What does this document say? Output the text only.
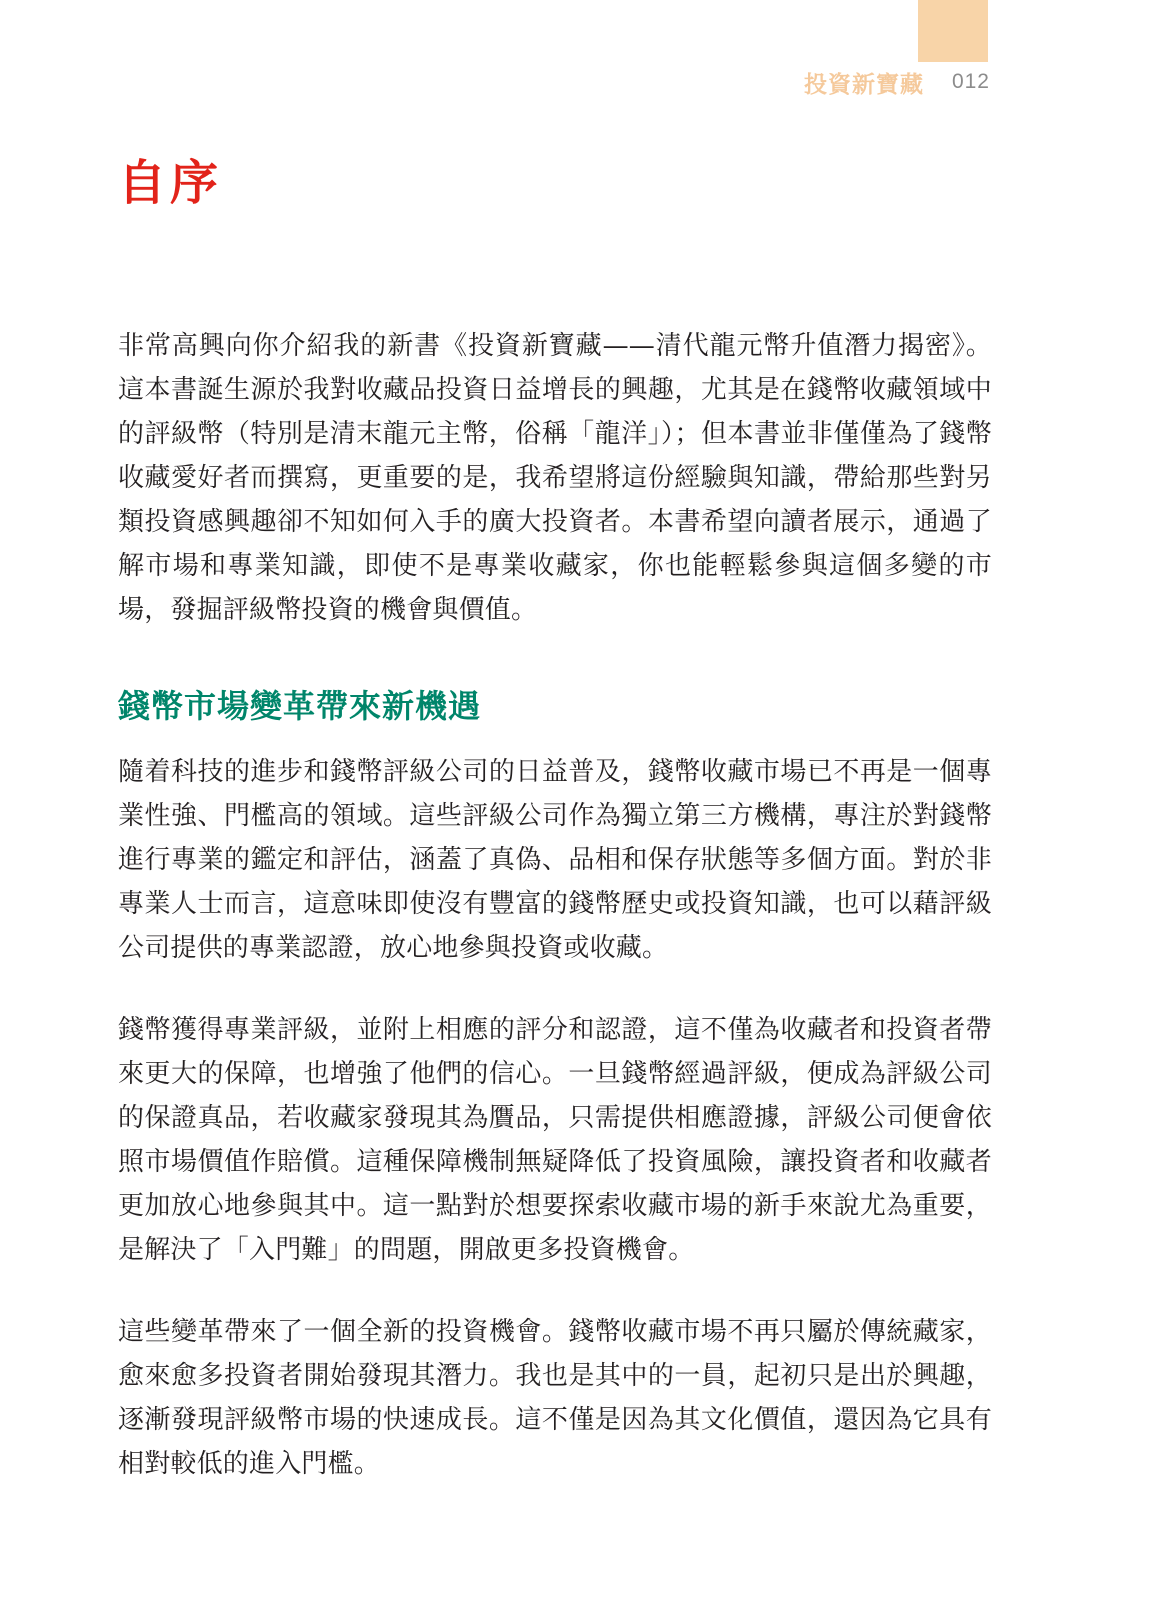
投資新寶藏 012
自序

非常高興向你介紹我的新書《投資新寶藏——清代龍元幣升值潛力揭密》。這本書誕生源於我對收藏品投資日益增長的興趣，尤其是在錢幣收藏領域中的評級幣（特別是清末龍元主幣，俗稱「龍洋」）；但本書並非僅僅為了錢幣收藏愛好者而撰寫，更重要的是，我希望將這份經驗與知識，帶給那些對另類投資感興趣卻不知如何入手的廣大投資者。本書希望向讀者展示，通過了解市場和專業知識，即使不是專業收藏家，你也能輕鬆參與這個多變的市場，發掘評級幣投資的機會與價值。

錢幣市場變革帶來新機遇

隨着科技的進步和錢幣評級公司的日益普及，錢幣收藏市場已不再是一個專業性強、門檻高的領域。這些評級公司作為獨立第三方機構，專注於對錢幣進行專業的鑑定和評估，涵蓋了真偽、品相和保存狀態等多個方面。對於非專業人士而言，這意味即使沒有豐富的錢幣歷史或投資知識，也可以藉評級公司提供的專業認證，放心地參與投資或收藏。

錢幣獲得專業評級，並附上相應的評分和認證，這不僅為收藏者和投資者帶來更大的保障，也增強了他們的信心。一旦錢幣經過評級，便成為評級公司的保證真品，若收藏家發現其為贋品，只需提供相應證據，評級公司便會依照市場價值作賠償。這種保障機制無疑降低了投資風險，讓投資者和收藏者更加放心地參與其中。這一點對於想要探索收藏市場的新手來說尤為重要，是解決了「入門難」的問題，開啟更多投資機會。

這些變革帶來了一個全新的投資機會。錢幣收藏市場不再只屬於傳統藏家，愈來愈多投資者開始發現其潛力。我也是其中的一員，起初只是出於興趣，逐漸發現評級幣市場的快速成長。這不僅是因為其文化價值，還因為它具有相對較低的進入門檻。
